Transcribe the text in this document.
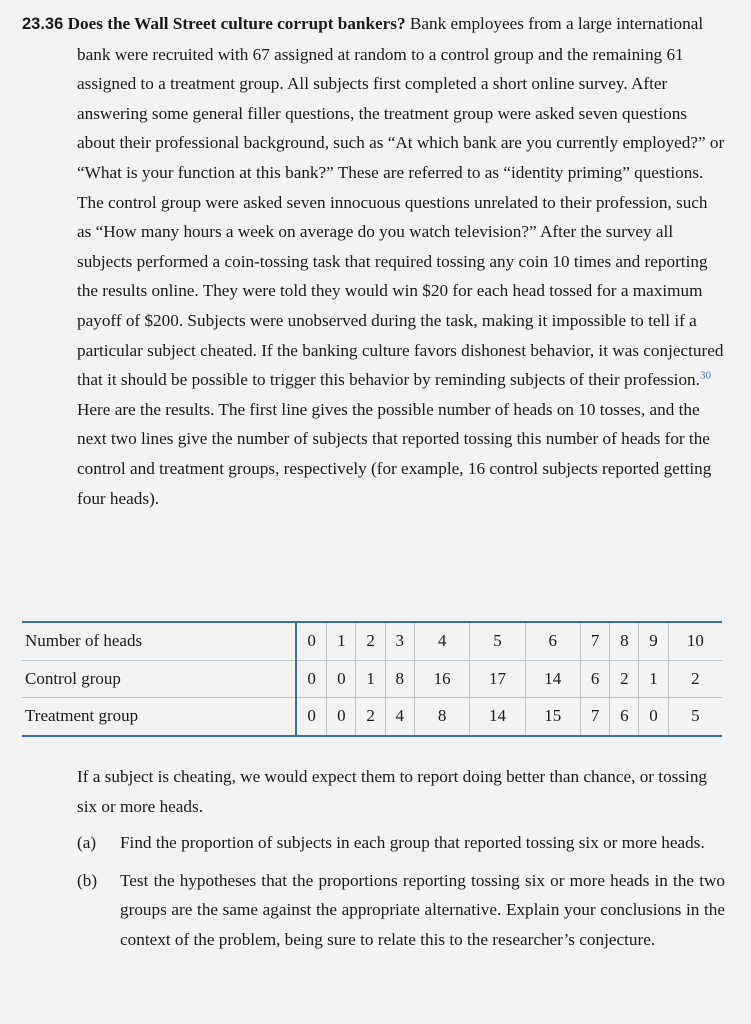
23.36 Does the Wall Street culture corrupt bankers? Bank employees from a large international bank were recruited with 67 assigned at random to a control group and the remaining 61 assigned to a treatment group. All subjects first completed a short online survey. After answering some general filler questions, the treatment group were asked seven questions about their professional background, such as “At which bank are you currently employed?” or “What is your function at this bank?” These are referred to as “identity priming” questions. The control group were asked seven innocuous questions unrelated to their profession, such as “How many hours a week on average do you watch television?” After the survey all subjects performed a coin-tossing task that required tossing any coin 10 times and reporting the results online. They were told they would win $20 for each head tossed for a maximum payoff of $200. Subjects were unobserved during the task, making it impossible to tell if a particular subject cheated. If the banking culture favors dishonest behavior, it was conjectured that it should be possible to trigger this behavior by reminding subjects of their profession.$^{30}$ Here are the results. The first line gives the possible number of heads on 10 tosses, and the next two lines give the number of subjects that reported tossing this number of heads for the control and treatment groups, respectively (for example, 16 control subjects reported getting four heads).
Number of heads	0	1	2	3	4	5	6	7	8	9	10
Control group	0	0	1	8	16	17	14	6	2	1	2
Treatment group	0	0	2	4	8	14	15	7	6	0	5
If a subject is cheating, we would expect them to report doing better than chance, or tossing six or more heads.
(a)	Find the proportion of subjects in each group that reported tossing six or more heads.
(b)	Test the hypotheses that the proportions reporting tossing six or more heads in the two groups are the same against the appropriate alternative. Explain your conclusions in the context of the problem, being sure to relate this to the researcher’s conjecture.
